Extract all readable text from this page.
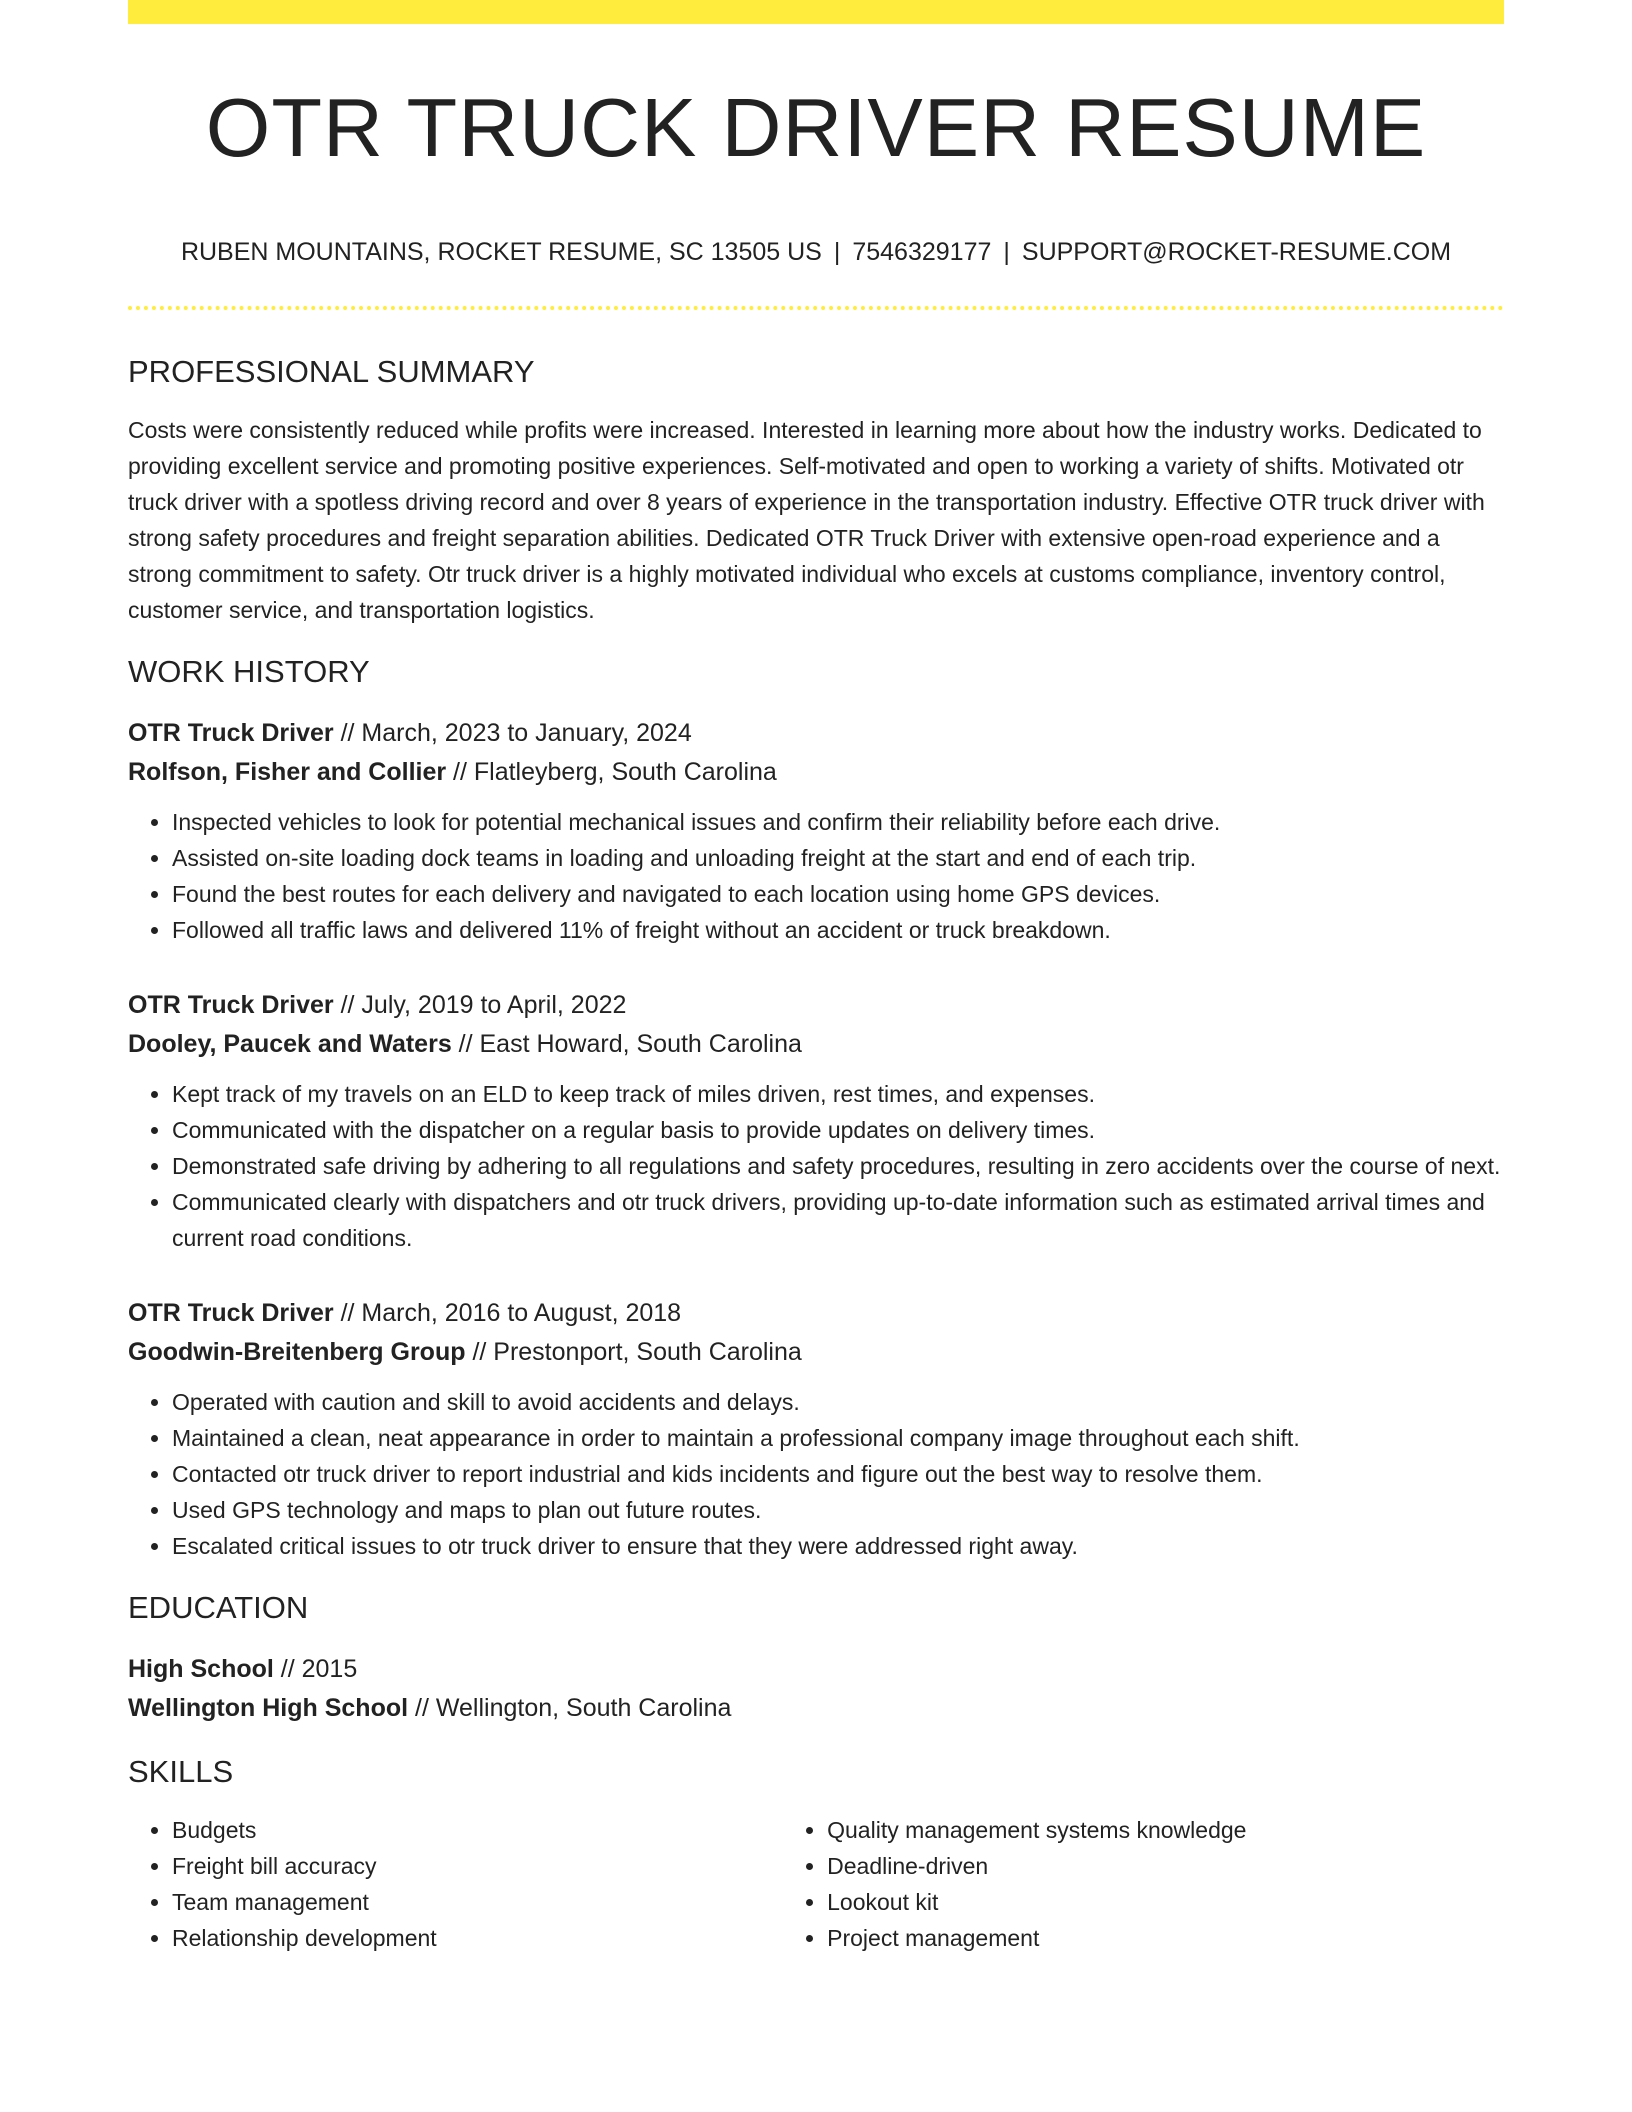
OTR TRUCK DRIVER RESUME
RUBEN MOUNTAINS, ROCKET RESUME, SC 13505 US | 7546329177 | SUPPORT@ROCKET-RESUME.COM
PROFESSIONAL SUMMARY

Costs were consistently reduced while profits were increased. Interested in learning more about how the industry works. Dedicated to providing excellent service and promoting positive experiences. Self-motivated and open to working a variety of shifts. Motivated otr truck driver with a spotless driving record and over 8 years of experience in the transportation industry. Effective OTR truck driver with strong safety procedures and freight separation abilities. Dedicated OTR Truck Driver with extensive open-road experience and a strong commitment to safety. Otr truck driver is a highly motivated individual who excels at customs compliance, inventory control, customer service, and transportation logistics.

WORK HISTORY
OTR Truck Driver // March, 2023 to January, 2024
Rolfson, Fisher and Collier // Flatleyberg, South Carolina
• Inspected vehicles to look for potential mechanical issues and confirm their reliability before each drive.
• Assisted on-site loading dock teams in loading and unloading freight at the start and end of each trip.
• Found the best routes for each delivery and navigated to each location using home GPS devices.
• Followed all traffic laws and delivered 11% of freight without an accident or truck breakdown.
OTR Truck Driver // July, 2019 to April, 2022
Dooley, Paucek and Waters // East Howard, South Carolina
• Kept track of my travels on an ELD to keep track of miles driven, rest times, and expenses.
• Communicated with the dispatcher on a regular basis to provide updates on delivery times.
• Demonstrated safe driving by adhering to all regulations and safety procedures, resulting in zero accidents over the course of next.
• Communicated clearly with dispatchers and otr truck drivers, providing up-to-date information such as estimated arrival times and current road conditions.
OTR Truck Driver // March, 2016 to August, 2018
Goodwin-Breitenberg Group // Prestonport, South Carolina
• Operated with caution and skill to avoid accidents and delays.
• Maintained a clean, neat appearance in order to maintain a professional company image throughout each shift.
• Contacted otr truck driver to report industrial and kids incidents and figure out the best way to resolve them.
• Used GPS technology and maps to plan out future routes.
• Escalated critical issues to otr truck driver to ensure that they were addressed right away.
EDUCATION
High School // 2015
Wellington High School // Wellington, South Carolina
SKILLS
• Budgets
• Freight bill accuracy
• Team management
• Relationship development
• Quality management systems knowledge
• Deadline-driven
• Lookout kit
• Project management
